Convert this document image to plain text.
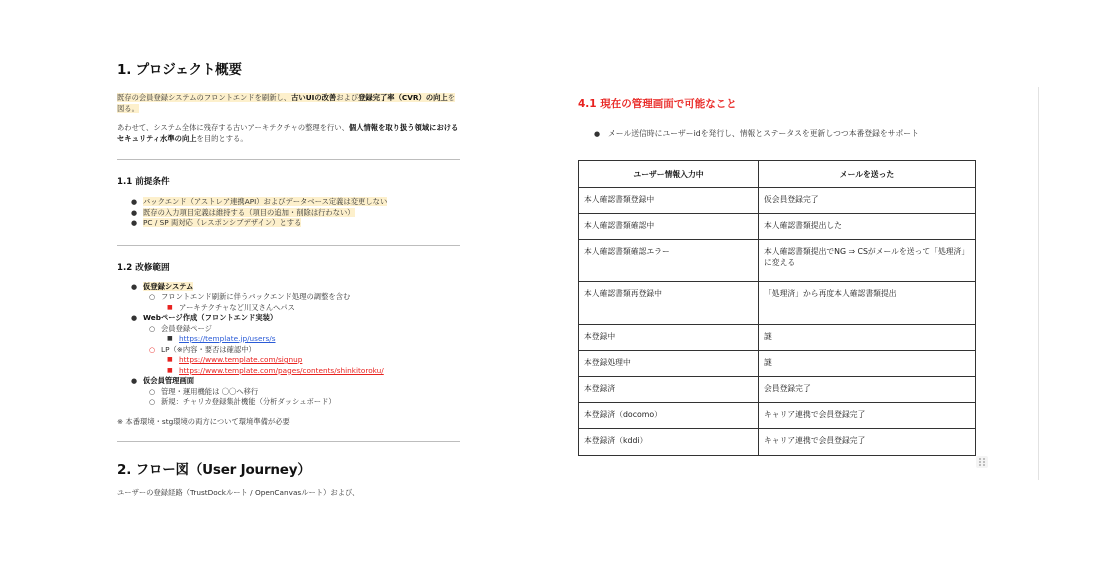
1. プロジェクト概要
既存の会員登録システムのフロントエンドを刷新し、古いUIの改善および登録完了率（CVR）の向上を図る。
あわせて、システム全体に残存する古いアーキテクチャの整理を行い、個人情報を取り扱う領域におけるセキュリティ水準の向上を目的とする。
1.1 前提条件
● バックエンド（アストレア連携API）およびデータベース定義は変更しない
● 既存の入力項目定義は維持する（項目の追加・削除は行わない）
● PC / SP 両対応（レスポンシブデザイン）とする
1.2 改修範囲
● 仮登録システム
○ フロントエンド刷新に伴うバックエンド処理の調整を含む
■ アーキテクチャなど川又さんへパス
● Webページ作成（フロントエンド実装）
○ 会員登録ページ
■ https://template.jp/users/s
○ LP（※内容・要否は確認中）
■ https://www.template.com/signup
■ https://www.template.com/pages/contents/shinkitoroku/
● 仮会員管理画面
○ 管理・運用機能は 〇〇へ移行
○ 新規：チャリカ登録集計機能（分析ダッシュボード）
※ 本番環境・stg環境の両方について環境準備が必要
2. フロー図（User Journey）
ユーザーの登録経路（TrustDockルート / OpenCanvasルート）および、
4.1 現在の管理画面で可能なこと
●	メール送信時にユーザーidを発行し、情報とステータスを更新しつつ本番登録をサポート
ユーザー情報入力中	メールを送った
本人確認書類登録中	仮会員登録完了
本人確認書類確認中	本人確認書類提出した
本人確認書類確認エラー	本人確認書類提出でNG ⇒ CSがメールを送って「処理済」に変える
本人確認書類再登録中	「処理済」から再度本人確認書類提出
本登録中	謎
本登録処理中	謎
本登録済	会員登録完了
本登録済（docomo）	キャリア連携で会員登録完了
本登録済（kddi）	キャリア連携で会員登録完了
